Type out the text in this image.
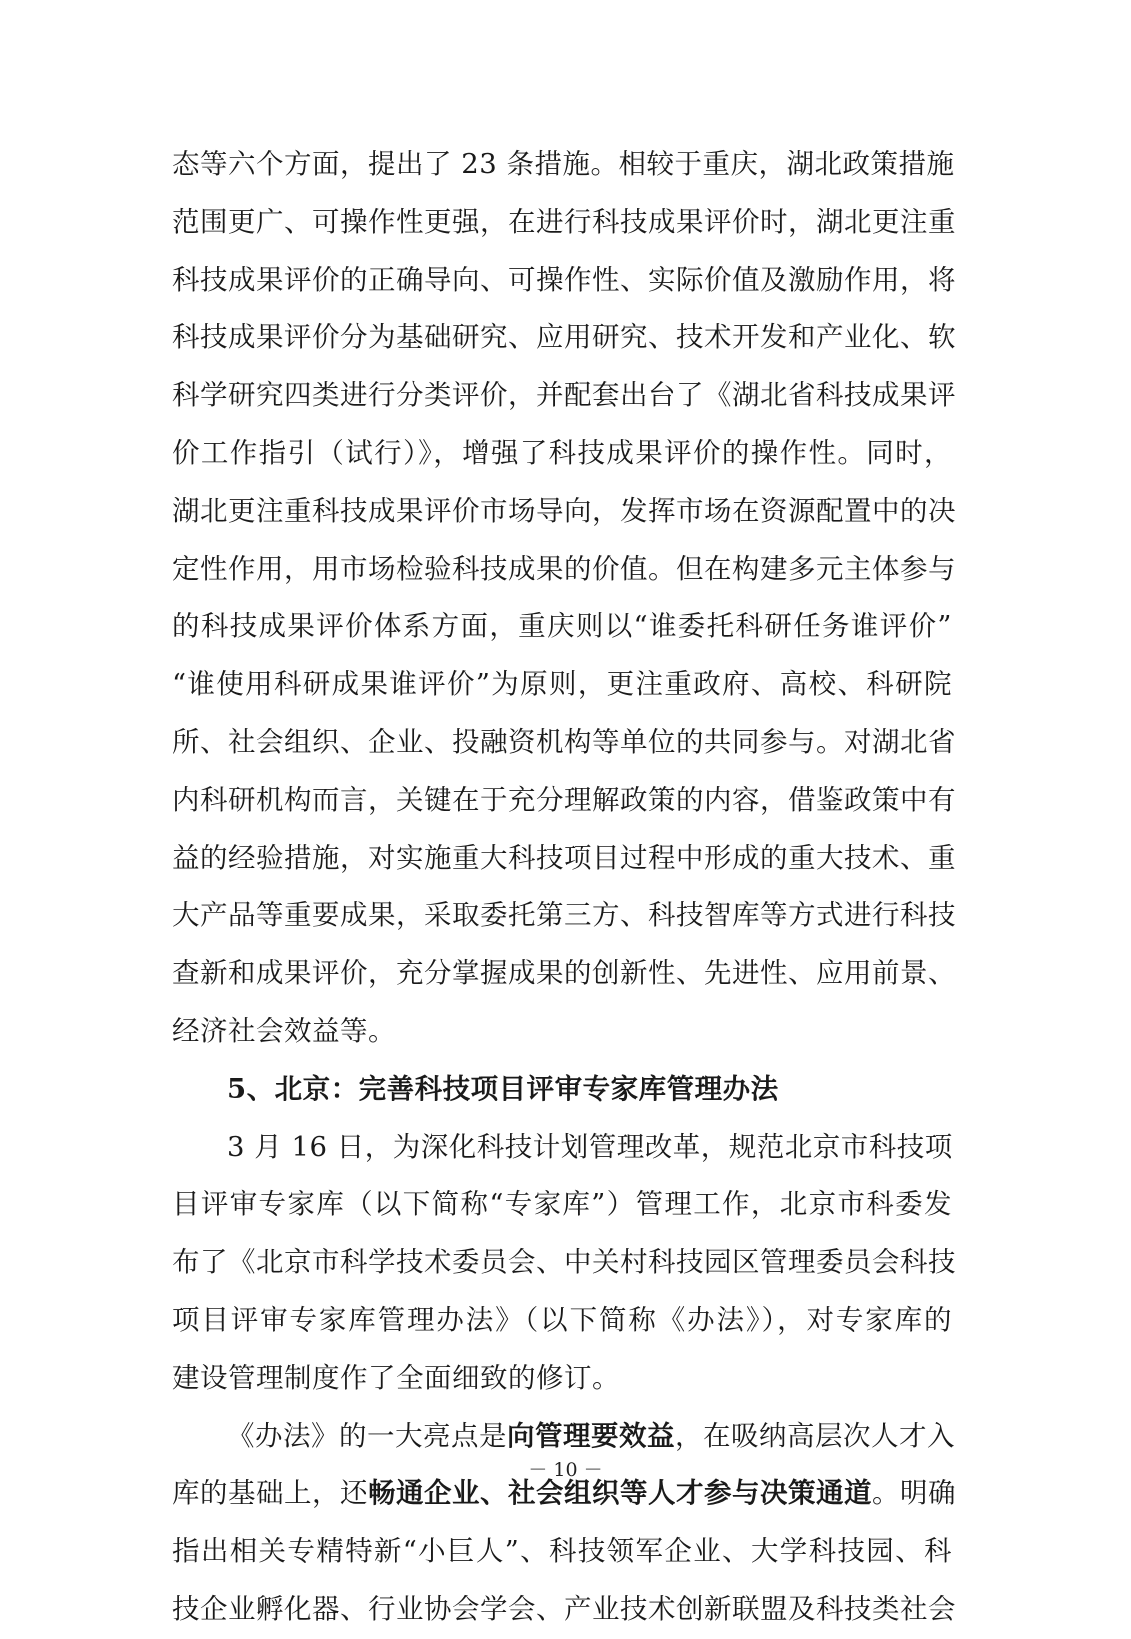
态等六个方面，提出了 23 条措施。相较于重庆，湖北政策措施
范围更广、可操作性更强，在进行科技成果评价时，湖北更注重
科技成果评价的正确导向、可操作性、实际价值及激励作用，将
科技成果评价分为基础研究、应用研究、技术开发和产业化、软
科学研究四类进行分类评价，并配套出台了《湖北省科技成果评
价工作指引（试行）》，增强了科技成果评价的操作性。同时，
湖北更注重科技成果评价市场导向，发挥市场在资源配置中的决
定性作用，用市场检验科技成果的价值。但在构建多元主体参与
的科技成果评价体系方面，重庆则以“谁委托科研任务谁评价”
“谁使用科研成果谁评价”为原则，更注重政府、高校、科研院
所、社会组织、企业、投融资机构等单位的共同参与。对湖北省
内科研机构而言，关键在于充分理解政策的内容，借鉴政策中有
益的经验措施，对实施重大科技项目过程中形成的重大技术、重
大产品等重要成果，采取委托第三方、科技智库等方式进行科技
查新和成果评价，充分掌握成果的创新性、先进性、应用前景、
经济社会效益等。
5、北京：完善科技项目评审专家库管理办法
3 月 16 日，为深化科技计划管理改革，规范北京市科技项
目评审专家库（以下简称“专家库”）管理工作，北京市科委发
布了《北京市科学技术委员会、中关村科技园区管理委员会科技
项目评审专家库管理办法》（以下简称《办法》），对专家库的
建设管理制度作了全面细致的修订。
《办法》的一大亮点是向管理要效益，在吸纳高层次人才入
库的基础上，还畅通企业、社会组织等人才参与决策通道。明确
指出相关专精特新“小巨人”、科技领军企业、大学科技园、科
技企业孵化器、行业协会学会、产业技术创新联盟及科技类社会
－ 10 －
